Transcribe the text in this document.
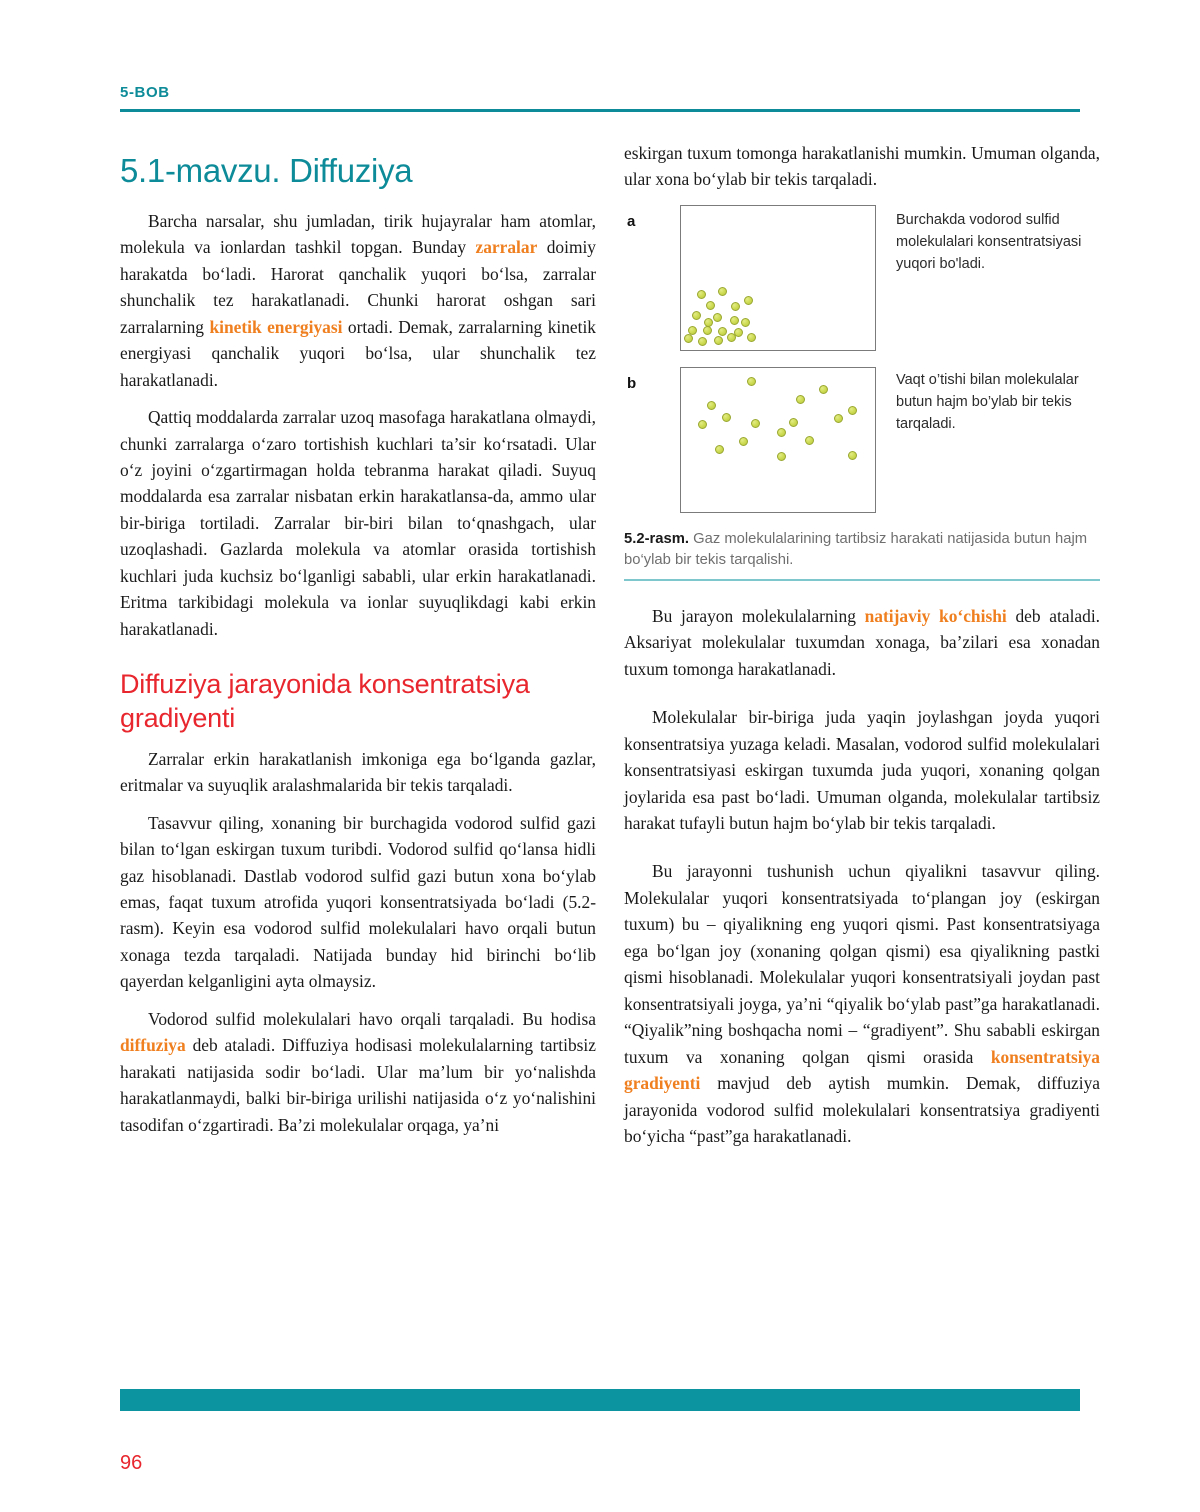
5-BOB
5.1-mavzu. Diffuziya

Barcha narsalar, shu jumladan, tirik hujayralar ham atomlar, molekula va ionlardan tashkil topgan. Bunday zarralar doimiy harakatda bo‘ladi. Harorat qanchalik yuqori bo‘lsa, zarralar shunchalik tez harakatlanadi. Chunki harorat oshgan sari zarralarning kinetik energiyasi ortadi. Demak, zarralarning kinetik energiyasi qanchalik yuqori bo‘lsa, ular shunchalik tez harakatlanadi.

Qattiq moddalarda zarralar uzoq masofaga harakatlana olmaydi, chunki zarralarga o‘zaro tortishish kuchlari ta’sir ko‘rsatadi. Ular o‘z joyini o‘zgartirmagan holda tebranma harakat qiladi. Suyuq moddalarda esa zarralar nisbatan erkin harakatlansa-da, ammo ular bir-biriga tortiladi. Zarralar bir-biri bilan to‘qnashgach, ular uzoqlashadi. Gazlarda molekula va atomlar orasida tortishish kuchlari juda kuchsiz bo‘lganligi sababli, ular erkin harakatlanadi. Eritma tarkibidagi molekula va ionlar suyuqlikdagi kabi erkin harakatlanadi.

Diffuziya jarayonida konsentratsiya gradiyenti

Zarralar erkin harakatlanish imkoniga ega bo‘lganda gazlar, eritmalar va suyuqlik aralashmalarida bir tekis tarqaladi.

Tasavvur qiling, xonaning bir burchagida vodorod sulfid gazi bilan to‘lgan eskirgan tuxum turibdi. Vodorod sulfid qo‘lansa hidli gaz hisoblanadi. Dastlab vodorod sulfid gazi butun xona bo‘ylab emas, faqat tuxum atrofida yuqori konsentratsiyada bo‘ladi (5.2-rasm). Keyin esa vodorod sulfid molekulalari havo orqali butun xonaga tezda tarqaladi. Natijada bunday hid birinchi bo‘lib qayerdan kelganligini ayta olmaysiz.

Vodorod sulfid molekulalari havo orqali tarqaladi. Bu hodisa diffuziya deb ataladi. Diffuziya hodisasi molekulalarning tartibsiz harakati natijasida sodir bo‘ladi. Ular ma’lum bir yo‘nalishda harakatlanmaydi, balki bir-biriga urilishi natijasida o‘z yo‘nalishini tasodifan o‘zgartiradi. Ba’zi molekulalar orqaga, ya’ni

eskirgan tuxum tomonga harakatlanishi mumkin. Umuman olganda, ular xona bo‘ylab bir tekis tarqaladi.

a	Burchakda vodorod sulfid molekulalari konsentratsiyasi yuqori bo'ladi.
b	Vaqt o’tishi bilan molekulalar butun hajm bo’ylab bir tekis tarqaladi.
5.2-rasm. Gaz molekulalarining tartibsiz harakati natijasida butun hajm bo‘ylab bir tekis tarqalishi.

Bu jarayon molekulalarning natijaviy ko‘chishi deb ataladi. Aksariyat molekulalar tuxumdan xonaga, ba’zilari esa xonadan tuxum tomonga harakatlanadi.

Molekulalar bir-biriga juda yaqin joylashgan joyda yuqori konsentratsiya yuzaga keladi. Masalan, vodorod sulfid molekulalari konsentratsiyasi eskirgan tuxumda juda yuqori, xonaning qolgan joylarida esa past bo‘ladi. Umuman olganda, molekulalar tartibsiz harakat tufayli butun hajm bo‘ylab bir tekis tarqaladi.

Bu jarayonni tushunish uchun qiyalikni tasavvur qiling. Molekulalar yuqori konsentratsiyada to‘plangan joy (eskirgan tuxum) bu – qiyalikning eng yuqori qismi. Past konsentratsiyaga ega bo‘lgan joy (xonaning qolgan qismi) esa qiyalikning pastki qismi hisoblanadi. Molekulalar yuqori konsentratsiyali joydan past konsentratsiyali joyga, ya’ni “qiyalik bo‘ylab past”ga harakatlanadi. “Qiyalik”ning boshqacha nomi – “gradiyent”. Shu sababli eskirgan tuxum va xonaning qolgan qismi orasida konsentratsiya gradiyenti mavjud deb aytish mumkin. Demak, diffuziya jarayonida vodorod sulfid molekulalari konsentratsiya gradiyenti bo‘yicha “past”ga harakatlanadi.

96
